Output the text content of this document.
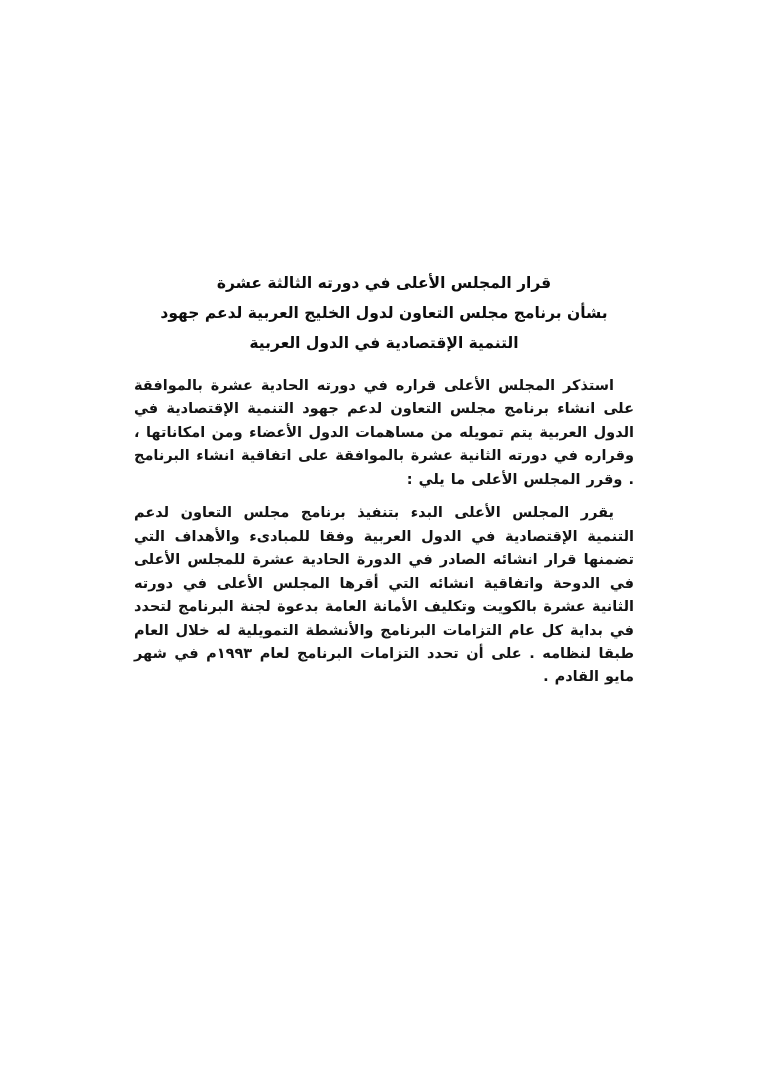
قرار المجلس الأعلى في دورته الثالثة عشرة
بشأن برنامج مجلس التعاون لدول الخليج العربية لدعم جهود
التنمية الإقتصادية في الدول العربية

استذكر المجلس الأعلى قراره في دورته الحادية عشرة بالموافقة على انشاء برنامج مجلس التعاون لدعم جهود التنمية الإقتصادية في الدول العربية يتم تمويله من مساهمات الدول الأعضاء ومن امكاناتها ، وقراره في دورته الثانية عشرة بالموافقة على اتفاقية انشاء البرنامج . وقرر المجلس الأعلى ما يلي :

يقرر المجلس الأعلى البدء بتنفيذ برنامج مجلس التعاون لدعم التنمية الإقتصادية في الدول العربية وفقا للمبادىء والأهداف التي تضمنها قرار انشائه الصادر في الدورة الحادية عشرة للمجلس الأعلى في الدوحة واتفاقية انشائه التي أقرها المجلس الأعلى في دورته الثانية عشرة بالكويت وتكليف الأمانة العامة بدعوة لجنة البرنامج لتحدد في بداية كل عام التزامات البرنامج والأنشطة التمويلية له خلال العام طبقا لنظامه . على أن تحدد التزامات البرنامج لعام ١٩٩٣م في شهر مايو القادم .
